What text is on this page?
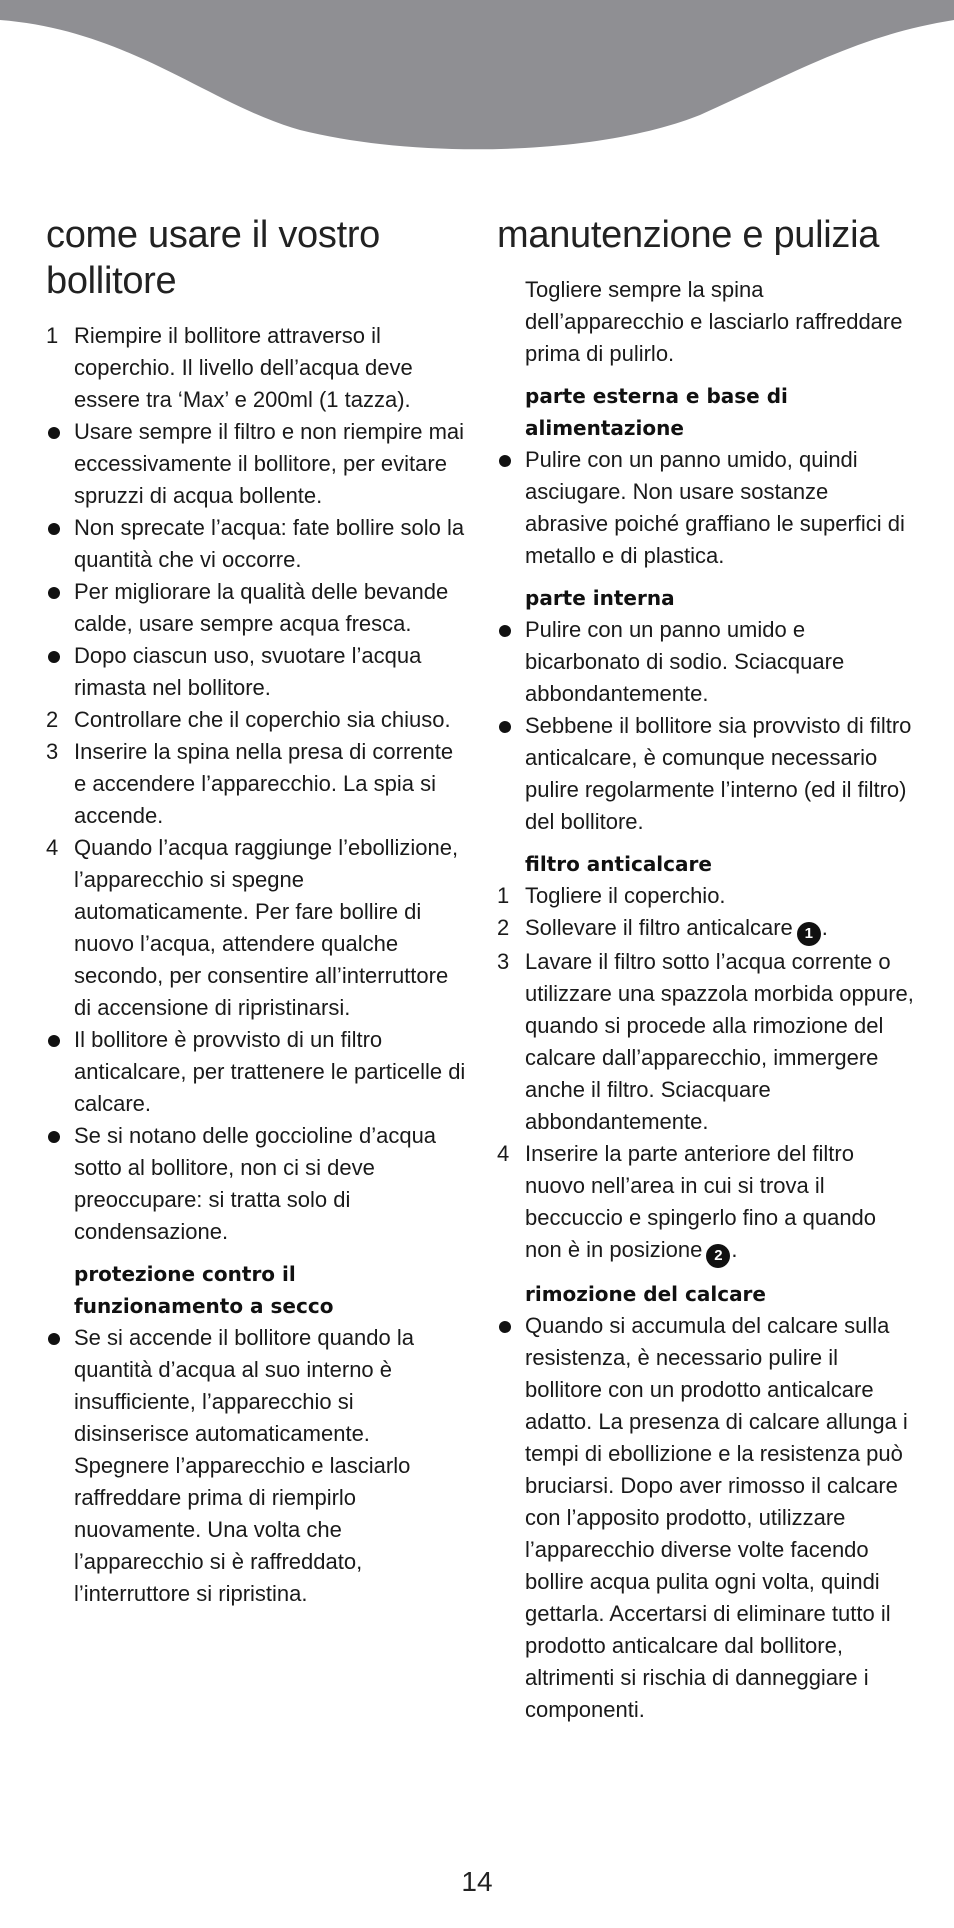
come usare il vostro bollitore

1 Riempire il bollitore attraverso il coperchio. Il livello dell’acqua deve essere tra ‘Max’ e 200ml (1 tazza).

Usare sempre il filtro e non riempire mai eccessivamente il bollitore, per evitare spruzzi di acqua bollente.

Non sprecate l’acqua: fate bollire solo la quantità che vi occorre.

Per migliorare la qualità delle bevande calde, usare sempre acqua fresca.

Dopo ciascun uso, svuotare l’acqua rimasta nel bollitore.

2 Controllare che il coperchio sia chiuso.

3 Inserire la spina nella presa di corrente e accendere l’apparecchio. La spia si accende.

4 Quando l’acqua raggiunge l’ebollizione, l’apparecchio si spegne automaticamente. Per fare bollire di nuovo l’acqua, attendere qualche secondo, per consentire all’interruttore di accensione di ripristinarsi.

Il bollitore è provvisto di un filtro anticalcare, per trattenere le particelle di calcare.

Se si notano delle goccioline d’acqua sotto al bollitore, non ci si deve preoccupare: si tratta solo di condensazione.

protezione contro il funzionamento a secco

Se si accende il bollitore quando la quantità d’acqua al suo interno è insufficiente, l’apparecchio si disinserisce automaticamente. Spegnere l’apparecchio e lasciarlo raffreddare prima di riempirlo nuovamente. Una volta che l’apparecchio si è raffreddato, l’interruttore si ripristina.

manutenzione e pulizia

Togliere sempre la spina dell’apparecchio e lasciarlo raffreddare prima di pulirlo.

parte esterna e base di alimentazione

Pulire con un panno umido, quindi asciugare. Non usare sostanze abrasive poiché graffiano le superfici di metallo e di plastica.

parte interna

Pulire con un panno umido e bicarbonato di sodio. Sciacquare abbondantemente.

Sebbene il bollitore sia provvisto di filtro anticalcare, è comunque necessario pulire regolarmente l’interno (ed il filtro) del bollitore.

filtro anticalcare

1 Togliere il coperchio.

2 Sollevare il filtro anticalcare 1 .

3 Lavare il filtro sotto l’acqua corrente o utilizzare una spazzola morbida oppure, quando si procede alla rimozione del calcare dall’apparecchio, immergere anche il filtro. Sciacquare abbondantemente.

4 Inserire la parte anteriore del filtro nuovo nell’area in cui si trova il beccuccio e spingerlo fino a quando non è in posizione 2 .

rimozione del calcare

Quando si accumula del calcare sulla resistenza, è necessario pulire il bollitore con un prodotto anticalcare adatto. La presenza di calcare allunga i tempi di ebollizione e la resistenza può bruciarsi. Dopo aver rimosso il calcare con l’apposito prodotto, utilizzare l’apparecchio diverse volte facendo bollire acqua pulita ogni volta, quindi gettarla. Accertarsi di eliminare tutto il prodotto anticalcare dal bollitore, altrimenti si rischia di danneggiare i componenti.

14
